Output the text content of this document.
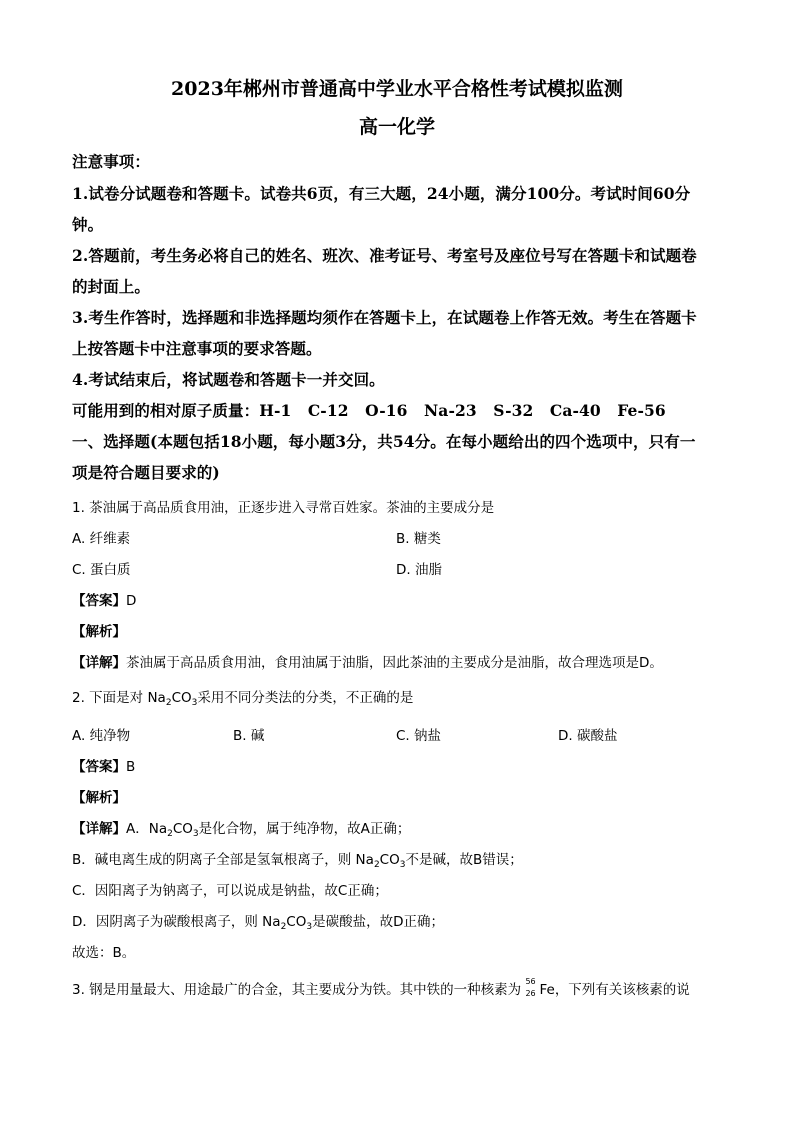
2023年郴州市普通高中学业水平合格性考试模拟监测
高一化学
注意事项：
1.试卷分试题卷和答题卡。试卷共6页，有三大题，24小题，满分100分。考试时间60分
钟。
2.答题前，考生务必将自己的姓名、班次、准考证号、考室号及座位号写在答题卡和试题卷
的封面上。
3.考生作答时，选择题和非选择题均须作在答题卡上，在试题卷上作答无效。考生在答题卡
上按答题卡中注意事项的要求答题。
4.考试结束后，将试题卷和答题卡一并交回。
可能用到的相对原子质量：H-1   C-12   O-16   Na-23   S-32   Ca-40   Fe-56
一、选择题(本题包括18小题，每小题3分，共54分。在每小题给出的四个选项中，只有一
项是符合题目要求的)
1. 茶油属于高品质食用油，正逐步进入寻常百姓家。茶油的主要成分是
A. 纤维素	B. 糖类
C. 蛋白质	D. 油脂
【答案】D
【解析】
【详解】茶油属于高品质食用油，食用油属于油脂，因此茶油的主要成分是油脂，故合理选项是D。
2. 下面是对 $Na_2CO_3$采用不同分类法的分类，不正确的是
A. 纯净物	B. 碱	C. 钠盐	D. 碳酸盐
【答案】B
【解析】
【详解】A．$Na_2CO_3$是化合物，属于纯净物，故A正确；
B．碱电离生成的阴离子全部是氢氧根离子，则 $Na_2CO_3$不是碱，故B错误；
C．因阳离子为钠离子，可以说成是钠盐，故C正确；
D．因阴离子为碳酸根离子，则 $Na_2CO_3$是碳酸盐，故D正确；
故选：B。
3. 钢是用量最大、用途最广的合金，其主要成分为铁。其中铁的一种核素为
56
26 Fe，下列有关该核素的说
